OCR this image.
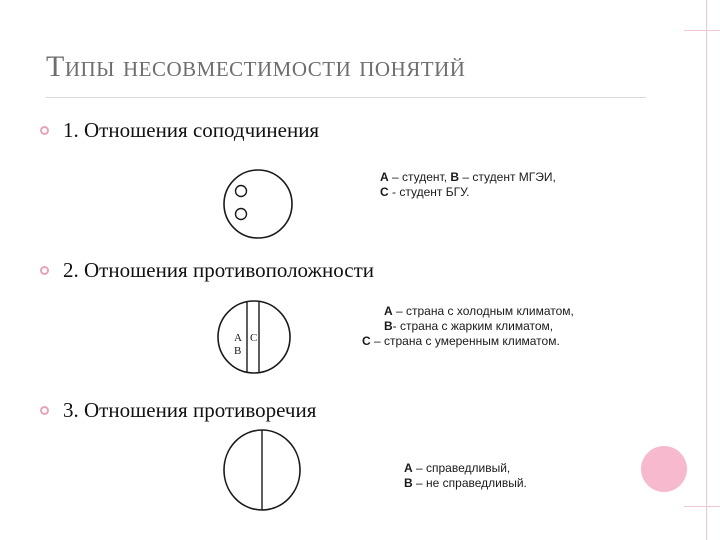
Типы несовместимости понятий
1. Отношения соподчинения
A – студент, B – студент МГЭИ,
C - студент БГУ.
2. Отношения противоположности
А
В
С
A – страна с холодным климатом,
B- страна с жарким климатом,
C – страна с умеренным климатом.
3. Отношения противоречия
А – справедливый,
В – не справедливый.
